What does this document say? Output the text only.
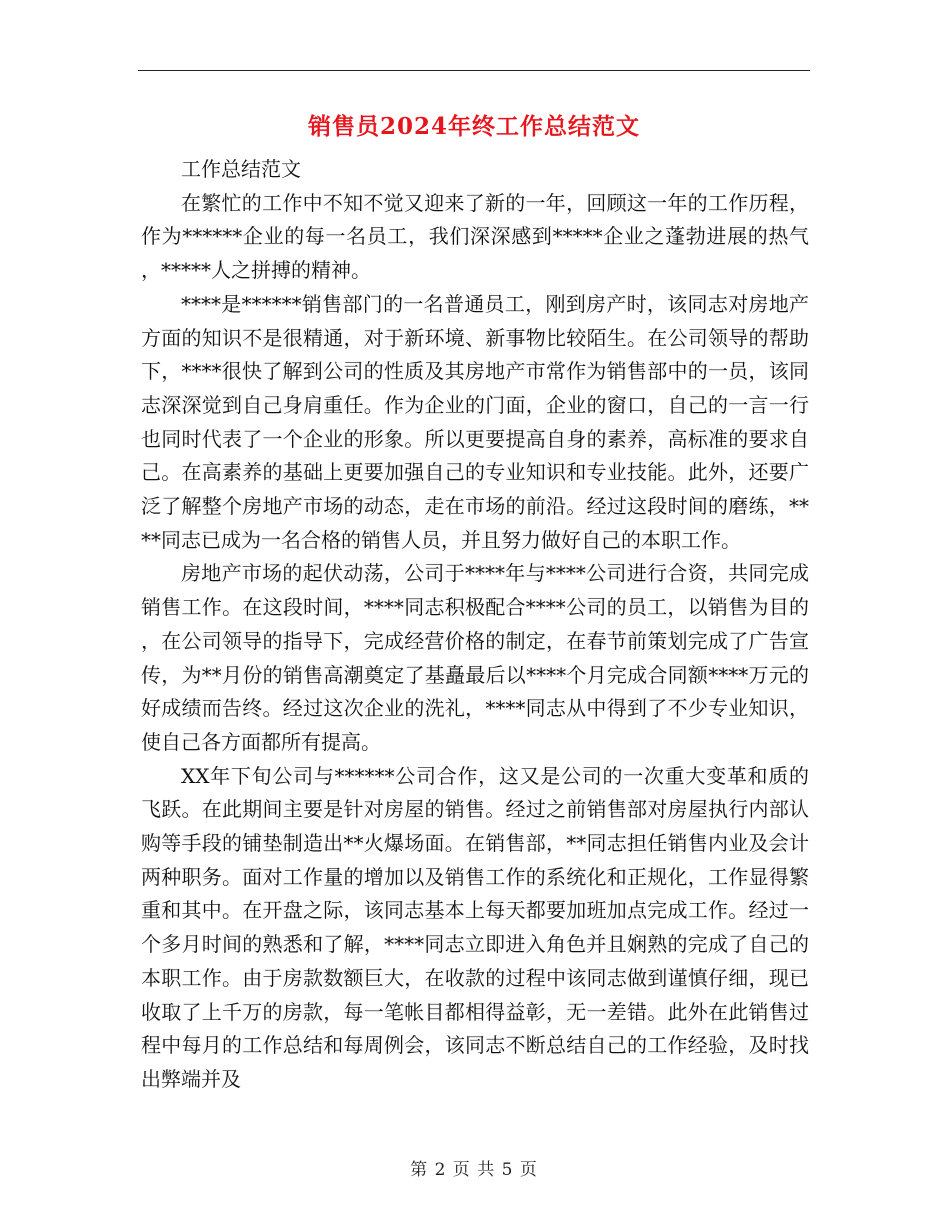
销售员2024年终工作总结范文

工作总结范文

在繁忙的工作中不知不觉又迎来了新的一年，回顾这一年的工作历程，作为******企业的每一名员工，我们深深感到*****企业之蓬勃进展的热气，*****人之拼搏的精神。

****是******销售部门的一名普通员工，刚到房产时，该同志对房地产方面的知识不是很精通，对于新环境、新事物比较陌生。在公司领导的帮助下，****很快了解到公司的性质及其房地产市常作为销售部中的一员，该同志深深觉到自己身肩重任。作为企业的门面，企业的窗口，自己的一言一行也同时代表了一个企业的形象。所以更要提高自身的素养，高标准的要求自己。在高素养的基础上更要加强自己的专业知识和专业技能。此外，还要广泛了解整个房地产市场的动态，走在市场的前沿。经过这段时间的磨练，****同志已成为一名合格的销售人员，并且努力做好自己的本职工作。

房地产市场的起伏动荡，公司于****年与****公司进行合资，共同完成销售工作。在这段时间，****同志积极配合****公司的员工，以销售为目的，在公司领导的指导下，完成经营价格的制定，在春节前策划完成了广告宣传，为**月份的销售高潮奠定了基矗最后以****个月完成合同额****万元的好成绩而告终。经过这次企业的洗礼，****同志从中得到了不少专业知识，使自己各方面都所有提高。

XX年下旬公司与******公司合作，这又是公司的一次重大变革和质的飞跃。在此期间主要是针对房屋的销售。经过之前销售部对房屋执行内部认购等手段的铺垫制造出**火爆场面。在销售部，**同志担任销售内业及会计两种职务。面对工作量的增加以及销售工作的系统化和正规化，工作显得繁重和其中。在开盘之际，该同志基本上每天都要加班加点完成工作。经过一个多月时间的熟悉和了解，****同志立即进入角色并且娴熟的完成了自己的本职工作。由于房款数额巨大，在收款的过程中该同志做到谨慎仔细，现已收取了上千万的房款，每一笔帐目都相得益彰，无一差错。此外在此销售过程中每月的工作总结和每周例会，该同志不断总结自己的工作经验，及时找出弊端并及

第 2 页 共 5 页
